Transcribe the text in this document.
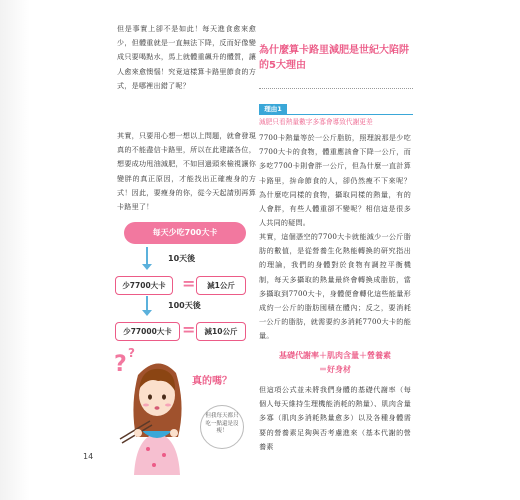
但是事實上卻不是如此！每天進食愈來愈少，但體重就是一直無法下降，反而好像變成只要喝點水，馬上就體重飆升的體質，讓人愈來愈懊惱！究竟這樣算卡路里節食的方式，是哪裡出錯了呢？
其實，只要用心想一想以上問題，就會發現真的不能盡信卡路里，所以在此建議各位，想要成功甩油減肥，不如回過頭來檢視讓你變胖的真正原因，才能找出正確瘦身的方式！因此，要瘦身的你，從今天起請別再算卡路里了！
每天少吃700大卡
10天後
少7700大卡	=	減1公斤
100天後
少77000大卡 =	減10公斤
? ?
真的嗎？
但我每天都只吃一點還是沒瘦！
為什麼算卡路里減肥是世紀大陷阱的5大理由
理由1
減肥只看熱量數字多寡會導致代謝更差
7700卡熱量等於一公斤脂肪，照理說那是少吃7700大卡的食物，體重應該會下降一公斤，而多吃7700卡則會胖一公斤，但為什麼一直計算卡路里，拚命節食的人，卻仍然瘦不下來呢？為什麼吃同樣的食物，攝取同樣的熱量，有的人會胖，有些人體重卻不變呢？相信這是很多人共同的疑問。
其實，這個憑空的7700大卡就能減少一公斤脂肪的數值，是從營養生化熱能轉換的研究指出的理論，我們的身體對於食物有調控平衡機制，每天多攝取的熱量最終會轉換成脂肪，當多攝取到7700大卡，身體便會轉化這些能量形成約一公斤的脂肪囤積在體內；反之，要消耗一公斤的脂肪，就需要約多消耗7700大卡的能量。
基礎代謝率＋肌肉含量＋營養素
＝好身材
但這項公式並未將我們身體的基礎代謝率（每個人每天維持生理機能消耗的熱量）、肌肉含量多寡（肌肉多消耗熱量愈多）以及各種身體需要的營養素足夠與否考慮進來（基本代謝的營養素
14
